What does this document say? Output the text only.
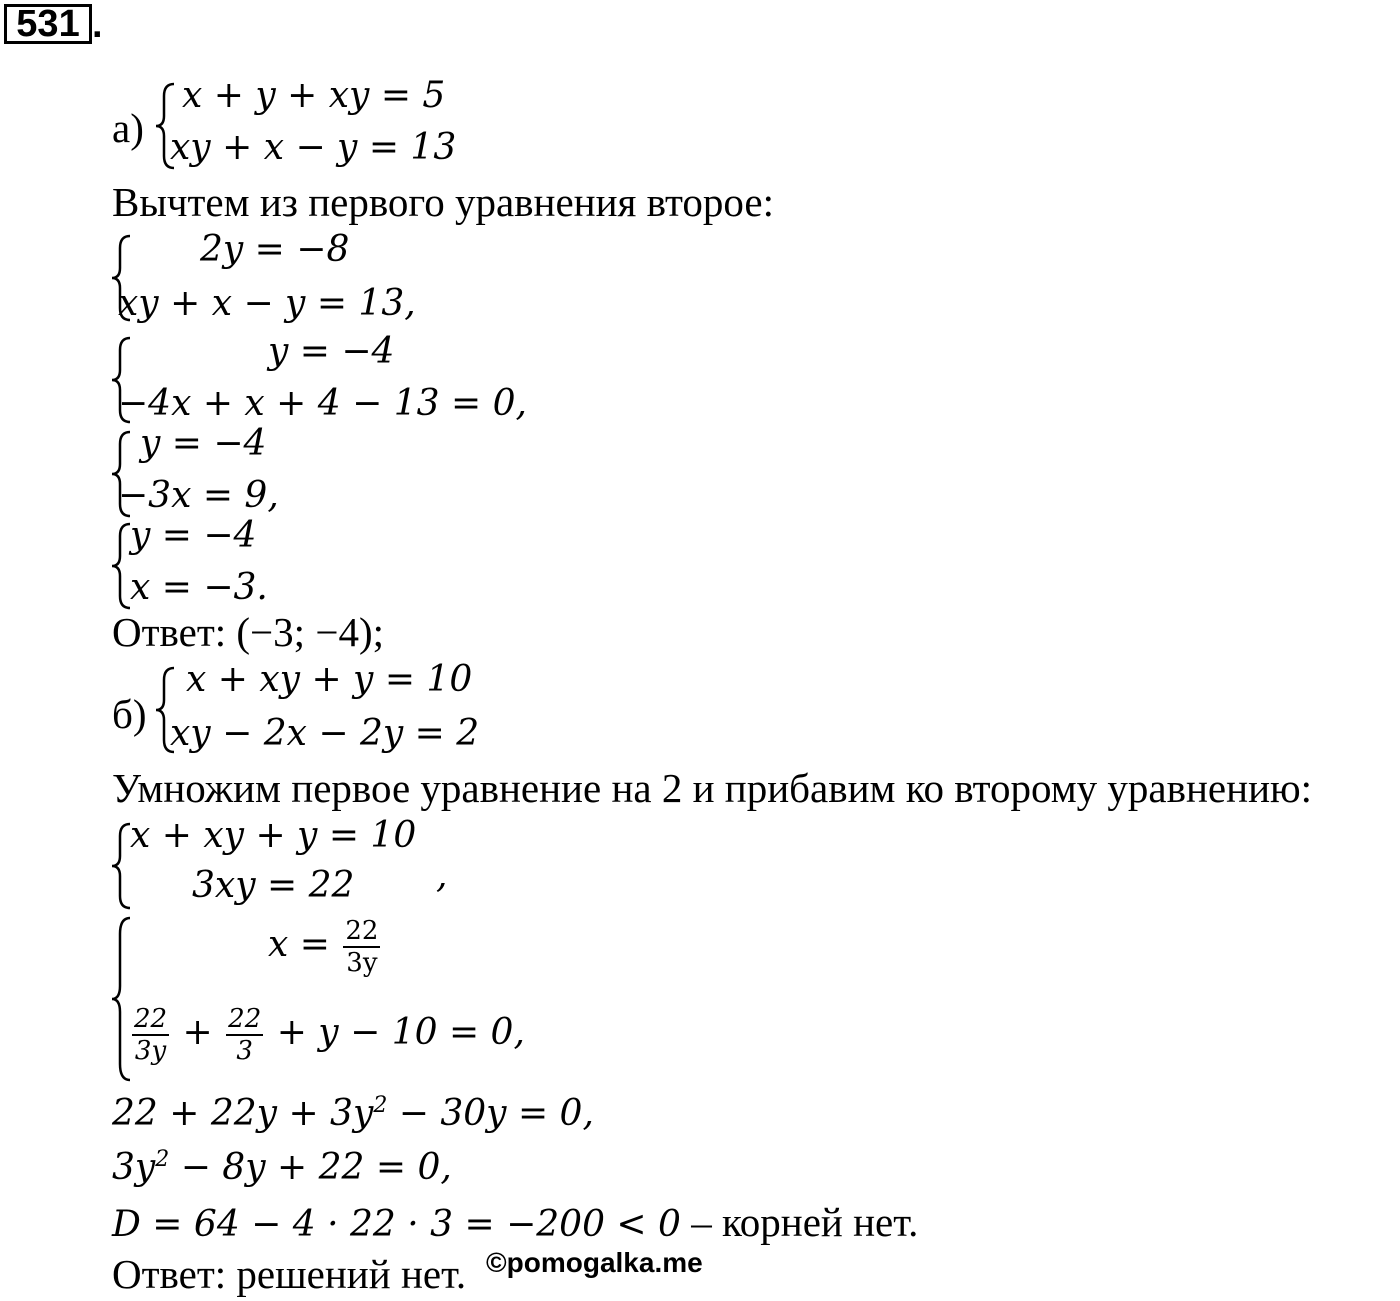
531 .
а)
x + y + xy = 5
xy + x − y = 13
Вычтем из первого уравнения второе:
2y = −8
xy + x − y = 13,
y = −4
−4x + x + 4 − 13 = 0,
y = −4
−3x = 9,
y = −4
x = −3.
Ответ: (−3; −4);
б)
x + xy + y = 10
xy − 2x − 2y = 2
Умножим первое уравнение на 2 и прибавим ко второму уравнению:
x + xy + y = 10
3xy = 22 ,
$x = \frac{22}{3y}$
$\frac{22}{3y} + \frac{22}{3} + y - 10 = 0$,
$22 + 22y + 3y^2 - 30y = 0$,
$3y^2 - 8y + 22 = 0$,
D = 64 − 4 · 22 · 3 = −200 < 0 – корней нет.
Ответ: решений нет. ©pomogalka.me
